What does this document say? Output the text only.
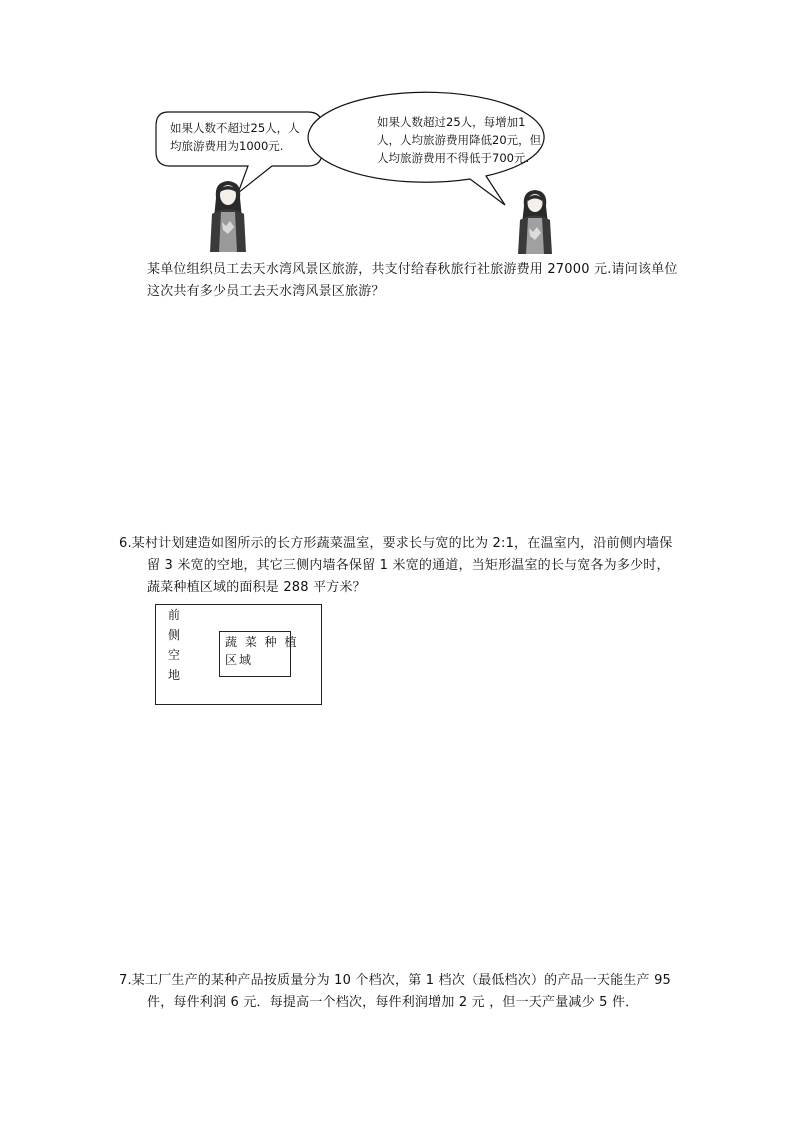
如果人数不超过25人，人
均旅游费用为1000元.
如果人数超过25人，每增加1
人，人均旅游费用降低20元，但
人均旅游费用不得低于700元.
某单位组织员工去天水湾风景区旅游，共支付给春秋旅行社旅游费用 27000 元.请问该单位
这次共有多少员工去天水湾风景区旅游？
6.某村计划建造如图所示的长方形蔬菜温室，要求长与宽的比为 2:1，在温室内，沿前侧内墙保
留 3 米宽的空地，其它三侧内墙各保留 1 米宽的通道，当矩形温室的长与宽各为多少时，
蔬菜种植区域的面积是 288 平方米？
前
侧
空
地
蔬 菜 种 植
区域
7.某工厂生产的某种产品按质量分为 10 个档次，第 1 档次（最低档次）的产品一天能生产 95
件，每件利润 6 元．每提高一个档次，每件利润增加 2 元 ，但一天产量减少 5 件．
